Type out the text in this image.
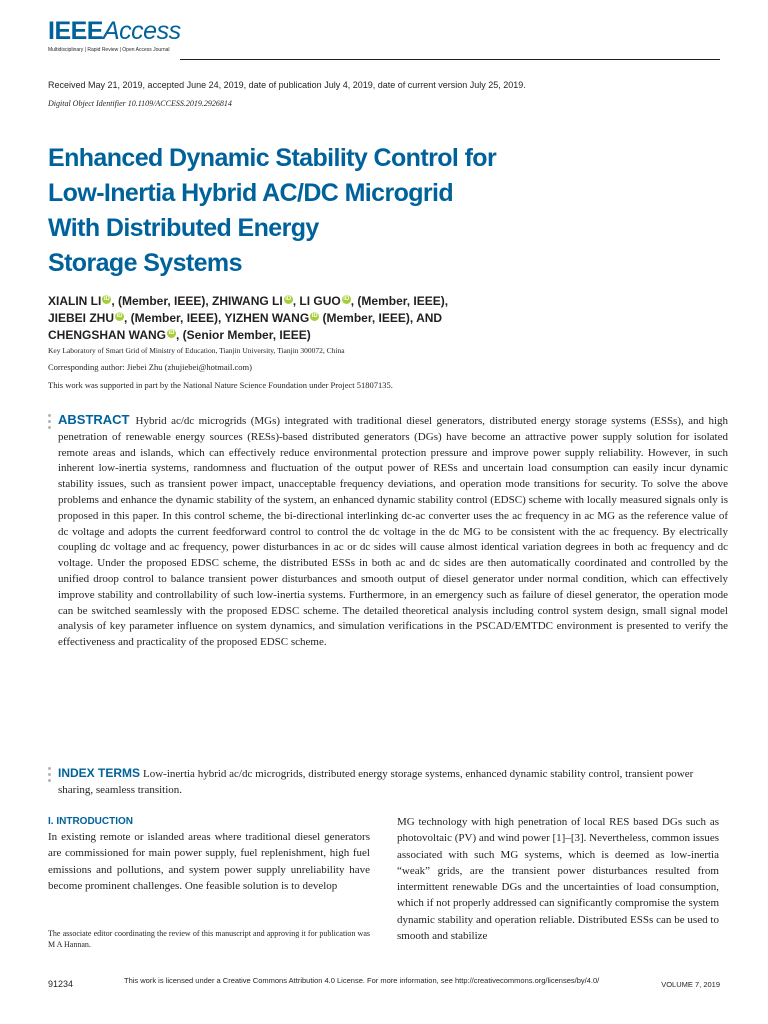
IEEEAccess
Multidisciplinary | Rapid Review | Open Access Journal
Received May 21, 2019, accepted June 24, 2019, date of publication July 4, 2019, date of current version July 25, 2019.
Digital Object Identifier 10.1109/ACCESS.2019.2926814
Enhanced Dynamic Stability Control for
Low-Inertia Hybrid AC/DC Microgrid
With Distributed Energy
Storage Systems
XIALIN LI iD , (Member, IEEE), ZHIWANG LI iD , LI GUO iD , (Member, IEEE),
JIEBEI ZHU iD , (Member, IEEE), YIZHEN WANG iD (Member, IEEE), AND
CHENGSHAN WANG iD , (Senior Member, IEEE)
Key Laboratory of Smart Grid of Ministry of Education, Tianjin University, Tianjin 300072, China
Corresponding author: Jiebei Zhu (zhujiebei@hotmail.com)
This work was supported in part by the National Nature Science Foundation under Project 51807135.
ABSTRACT Hybrid ac/dc microgrids (MGs) integrated with traditional diesel generators, distributed energy storage systems (ESSs), and high penetration of renewable energy sources (RESs)-based distributed generators (DGs) have become an attractive power supply solution for isolated remote areas and islands, which can effectively reduce environmental protection pressure and improve power supply reliability. However, in such inherent low-inertia systems, randomness and fluctuation of the output power of RESs and uncertain load consumption can easily incur dynamic stability issues, such as transient power impact, unacceptable frequency deviations, and operation mode transitions for security. To solve the above problems and enhance the dynamic stability of the system, an enhanced dynamic stability control (EDSC) scheme with locally measured signals only is proposed in this paper. In this control scheme, the bi-directional interlinking dc-ac converter uses the ac frequency in ac MG as the reference value of dc voltage and adopts the current feedforward control to control the dc voltage in the dc MG to be consistent with the ac frequency. By electrically coupling dc voltage and ac frequency, power disturbances in ac or dc sides will cause almost identical variation degrees in both ac frequency and dc voltage. Under the proposed EDSC scheme, the distributed ESSs in both ac and dc sides are then automatically coordinated and controlled by the unified droop control to balance transient power disturbances and smooth output of diesel generator under normal condition, which can effectively improve stability and controllability of such low-inertia systems. Furthermore, in an emergency such as failure of diesel generator, the operation mode can be switched seamlessly with the proposed EDSC scheme. The detailed theoretical analysis including control system design, small signal model analysis of key parameter influence on system dynamics, and simulation verifications in the PSCAD/EMTDC environment is presented to verify the effectiveness and practicality of the proposed EDSC scheme.
INDEX TERMS Low-inertia hybrid ac/dc microgrids, distributed energy storage systems, enhanced dynamic stability control, transient power sharing, seamless transition.
I. INTRODUCTION
In existing remote or islanded areas where traditional diesel generators are commissioned for main power supply, fuel replenishment, high fuel emissions and pollutions, and system power supply unreliability have become prominent challenges. One feasible solution is to develop
The associate editor coordinating the review of this manuscript and approving it for publication was M A Hannan.
MG technology with high penetration of local RES based DGs such as photovoltaic (PV) and wind power [1]–[3]. Nevertheless, common issues associated with such MG systems, which is deemed as low-inertia “weak” grids, are the transient power disturbances resulted from intermittent renewable DGs and the uncertainties of load consumption, which if not properly addressed can significantly compromise the system dynamic stability and operation reliable. Distributed ESSs can be used to smooth and stabilize
91234	This work is licensed under a Creative Commons Attribution 4.0 License. For more information, see http://creativecommons.org/licenses/by/4.0/	VOLUME 7, 2019
